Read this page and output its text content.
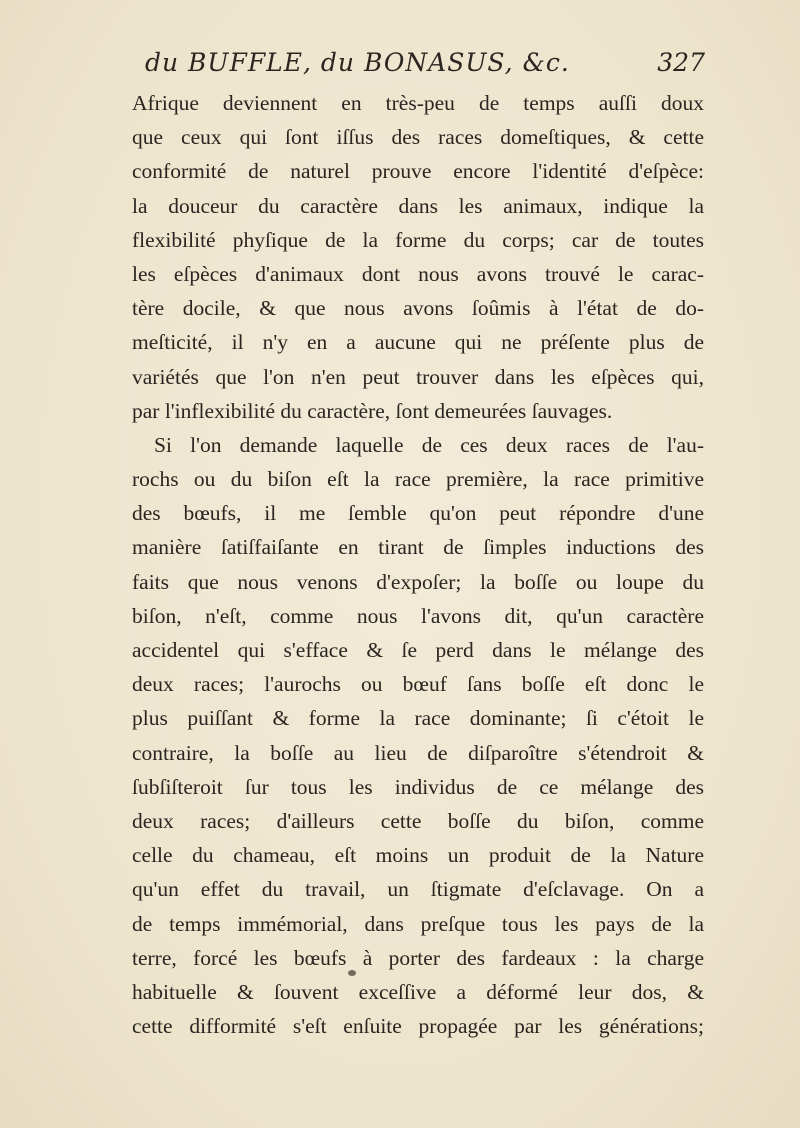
du BUFFLE, du BONASUS, &c.	327
Afrique deviennent en très-peu de temps auſſi doux
que ceux qui ſont iſſus des races domeſtiques, & cette
conformité de naturel prouve encore l'identité d'eſpèce:
la douceur du caractère dans les animaux, indique la
flexibilité phyſique de la forme du corps; car de toutes
les eſpèces d'animaux dont nous avons trouvé le carac-
tère docile, & que nous avons ſoûmis à l'état de do-
meſticité, il n'y en a aucune qui ne préſente plus de
variétés que l'on n'en peut trouver dans les eſpèces qui,
par l'inflexibilité du caractère, ſont demeurées ſauvages.
Si l'on demande laquelle de ces deux races de l'au-
rochs ou du biſon eſt la race première, la race primitive
des bœufs, il me ſemble qu'on peut répondre d'une
manière ſatiſfaiſante en tirant de ſimples inductions des
faits que nous venons d'expoſer; la boſſe ou loupe du
biſon, n'eſt, comme nous l'avons dit, qu'un caractère
accidentel qui s'efface & ſe perd dans le mélange des
deux races; l'aurochs ou bœuf ſans boſſe eſt donc le
plus puiſſant & forme la race dominante; ſi c'étoit le
contraire, la boſſe au lieu de diſparoître s'étendroit &
ſubſiſteroit ſur tous les individus de ce mélange des
deux races; d'ailleurs cette boſſe du biſon, comme
celle du chameau, eſt moins un produit de la Nature
qu'un effet du travail, un ſtigmate d'eſclavage. On a
de temps immémorial, dans preſque tous les pays de la
terre, forcé les bœufs à porter des fardeaux : la charge
habituelle & ſouvent exceſſive a déformé leur dos, &
cette difformité s'eſt enſuite propagée par les générations;
